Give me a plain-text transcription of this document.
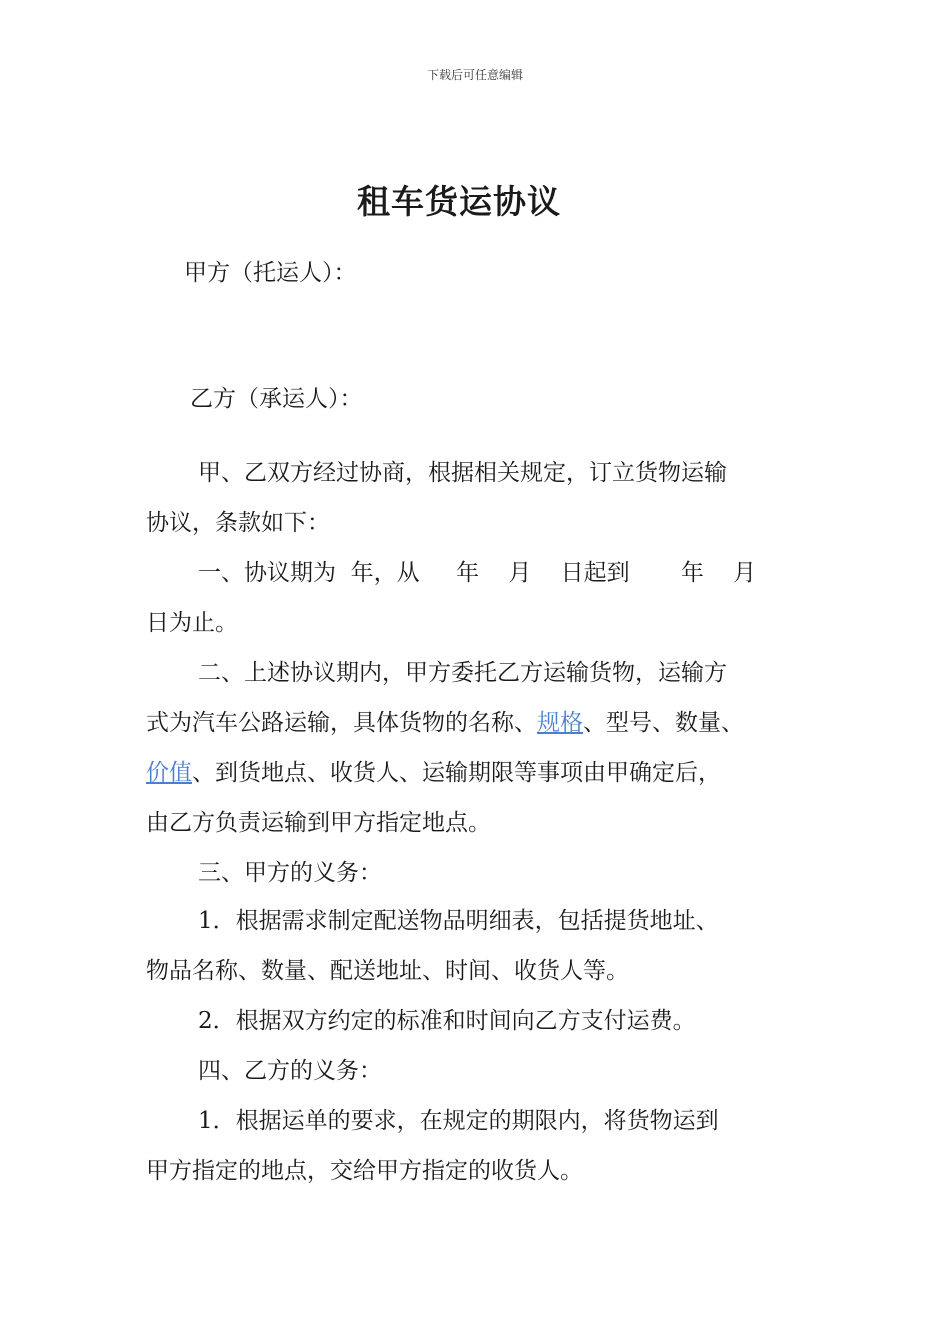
下载后可任意编辑
租车货运协议
甲方（托运人）：
乙方（承运人）：
甲、乙双方经过协商，根据相关规定，订立货物运输
协议，条款如下：
一、协议期为  年，从     年    月    日起到       年    月
日为止。
二、上述协议期内，甲方委托乙方运输货物，运输方
式为汽车公路运输，具体货物的名称、规格、型号、数量、
价值、到货地点、收货人、运输期限等事项由甲确定后，
由乙方负责运输到甲方指定地点。
三、甲方的义务：
1．根据需求制定配送物品明细表，包括提货地址、
物品名称、数量、配送地址、时间、收货人等。
2．根据双方约定的标准和时间向乙方支付运费。
四、乙方的义务：
1．根据运单的要求，在规定的期限内，将货物运到
甲方指定的地点，交给甲方指定的收货人。
